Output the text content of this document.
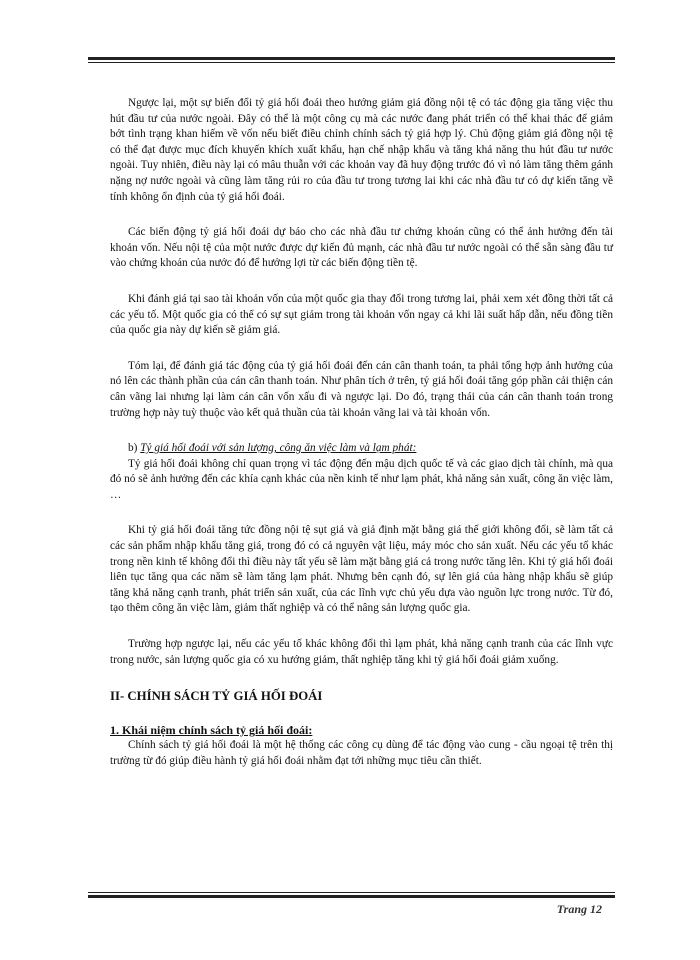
Ngược lại, một sự biến đổi tỷ giá hối đoái theo hướng giảm giá đồng nội tệ có tác động gia tăng việc thu hút đầu tư của nước ngoài. Đây có thể là một công cụ mà các nước đang phát triển có thể khai thác để giảm bớt tình trạng khan hiếm về vốn nếu biết điều chỉnh chính sách tỷ giá hợp lý. Chủ động giảm giá đồng nội tệ có thể đạt được mục đích khuyến khích xuất khẩu, hạn chế nhập khẩu và tăng khả năng thu hút đầu tư nước ngoài. Tuy nhiên, điều này lại có mâu thuẫn với các khoản vay đã huy động trước đó vì nó làm tăng thêm gánh nặng nợ nước ngoài và cũng làm tăng rủi ro của đầu tư trong tương lai khi các nhà đầu tư có dự kiến tăng về tính không ổn định của tỷ giá hối đoái.

Các biến động tỷ giá hối đoái dự báo cho các nhà đầu tư chứng khoán cũng có thể ảnh hưởng đến tài khoản vốn. Nếu nội tệ của một nước được dự kiến đủ mạnh, các nhà đầu tư nước ngoài có thể sẵn sàng đầu tư vào chứng khoán của nước đó để hưởng lợi từ các biến động tiền tệ.

Khi đánh giá tại sao tài khoản vốn của một quốc gia thay đổi trong tương lai, phải xem xét đồng thời tất cả các yếu tố. Một quốc gia có thể có sự sụt giảm trong tài khoản vốn ngay cả khi lãi suất hấp dẫn, nếu đồng tiền của quốc gia này dự kiến sẽ giảm giá.

Tóm lại, để đánh giá tác động của tỷ giá hối đoái đến cán cân thanh toán, ta phải tổng hợp ảnh hưởng của nó lên các thành phần của cán cân thanh toán. Như phân tích ở trên, tỷ giá hối đoái tăng góp phần cải thiện cán cân vãng lai nhưng lại làm cán cân vốn xấu đi và ngược lại. Do đó, trạng thái của cán cân thanh toán trong trường hợp này tuỳ thuộc vào kết quả thuần của tài khoản vãng lai và tài khoản vốn.

b) Tỷ giá hối đoái với sản lượng, công ăn việc làm và lạm phát:

Tỷ giá hối đoái không chỉ quan trọng vì tác động đến mậu dịch quốc tế và các giao dịch tài chính, mà qua đó nó sẽ ảnh hưởng đến các khía cạnh khác của nền kinh tế như lạm phát, khả năng sản xuất, công ăn việc làm, …

Khi tỷ giá hối đoái tăng tức đồng nội tệ sụt giá và giả định mặt bằng giá thế giới không đổi, sẽ làm tất cả các sản phẩm nhập khẩu tăng giá, trong đó có cả nguyên vật liệu, máy móc cho sản xuất. Nếu các yếu tố khác trong nền kinh tế không đổi thì điều này tất yếu sẽ làm mặt bằng giá cả trong nước tăng lên. Khi tỷ giá hối đoái liên tục tăng qua các năm sẽ làm tăng lạm phát. Nhưng bên cạnh đó, sự lên giá của hàng nhập khẩu sẽ giúp tăng khả năng cạnh tranh, phát triển sản xuất, của các lĩnh vực chủ yếu dựa vào nguồn lực trong nước. Từ đó, tạo thêm công ăn việc làm, giảm thất nghiệp và có thể nâng sản lượng quốc gia.

Trường hợp ngược lại, nếu các yếu tố khác không đổi thì lạm phát, khả năng cạnh tranh của các lĩnh vực trong nước, sản lượng quốc gia có xu hướng giảm, thất nghiệp tăng khi tỷ giá hối đoái giảm xuống.

II- CHÍNH SÁCH TỶ GIÁ HỐI ĐOÁI
1. Khái niệm chính sách tỷ giá hối đoái:

Chính sách tỷ giá hối đoái là một hệ thống các công cụ dùng để tác động vào cung - cầu ngoại tệ trên thị trường từ đó giúp điều hành tỷ giá hối đoái nhằm đạt tới những mục tiêu cần thiết.

Trang 12
